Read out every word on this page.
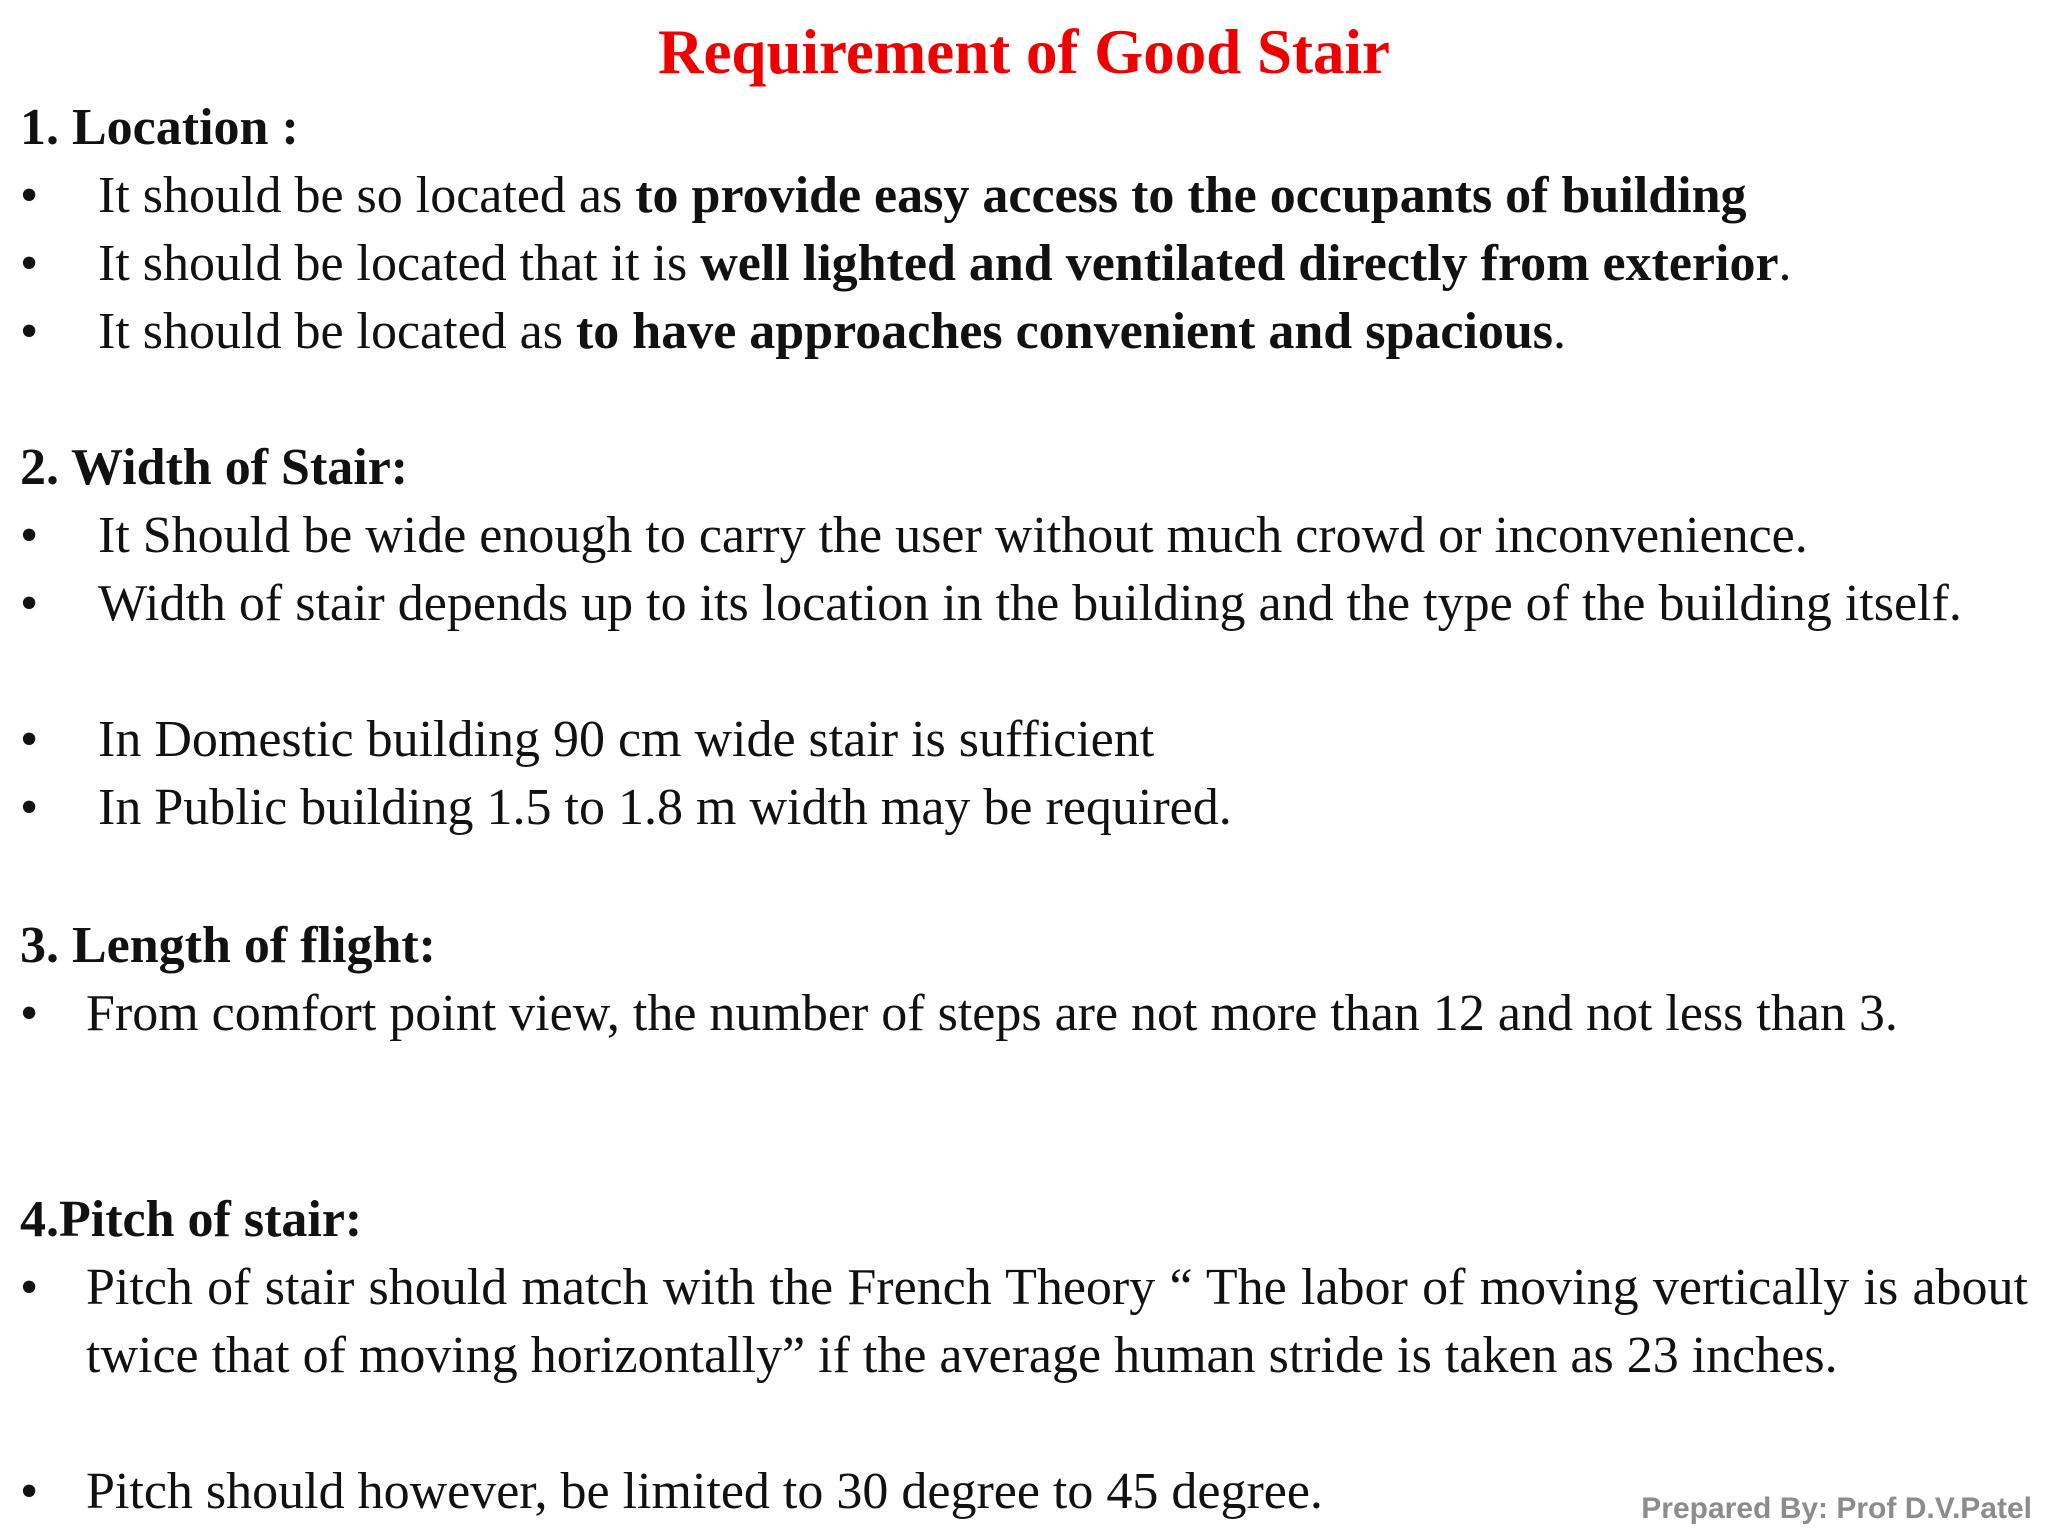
Requirement of Good Stair
1. Location :
•	It should be so located as to provide easy access to the occupants of building
•	It should be located that it is well lighted and ventilated directly from exterior.
•	It should be located as to have approaches convenient and spacious.
2. Width of Stair:
•	It Should be wide enough to carry the user without much crowd or inconvenience.
•	Width of stair depends up to its location in the building and the type of the building itself.
•	In Domestic building 90 cm wide stair is sufficient
•	In Public building 1.5 to 1.8 m width may be required.
3. Length of flight:
• From comfort point view, the number of steps are not more than 12 and not less than 3.
4.Pitch of stair:
• Pitch of stair should match with the French Theory “ The labor of moving vertically is about twice that of moving horizontally” if the average human stride is taken as 23 inches.
• Pitch should however, be limited to 30 degree to 45 degree.	Prepared By: Prof D.V.Patel
